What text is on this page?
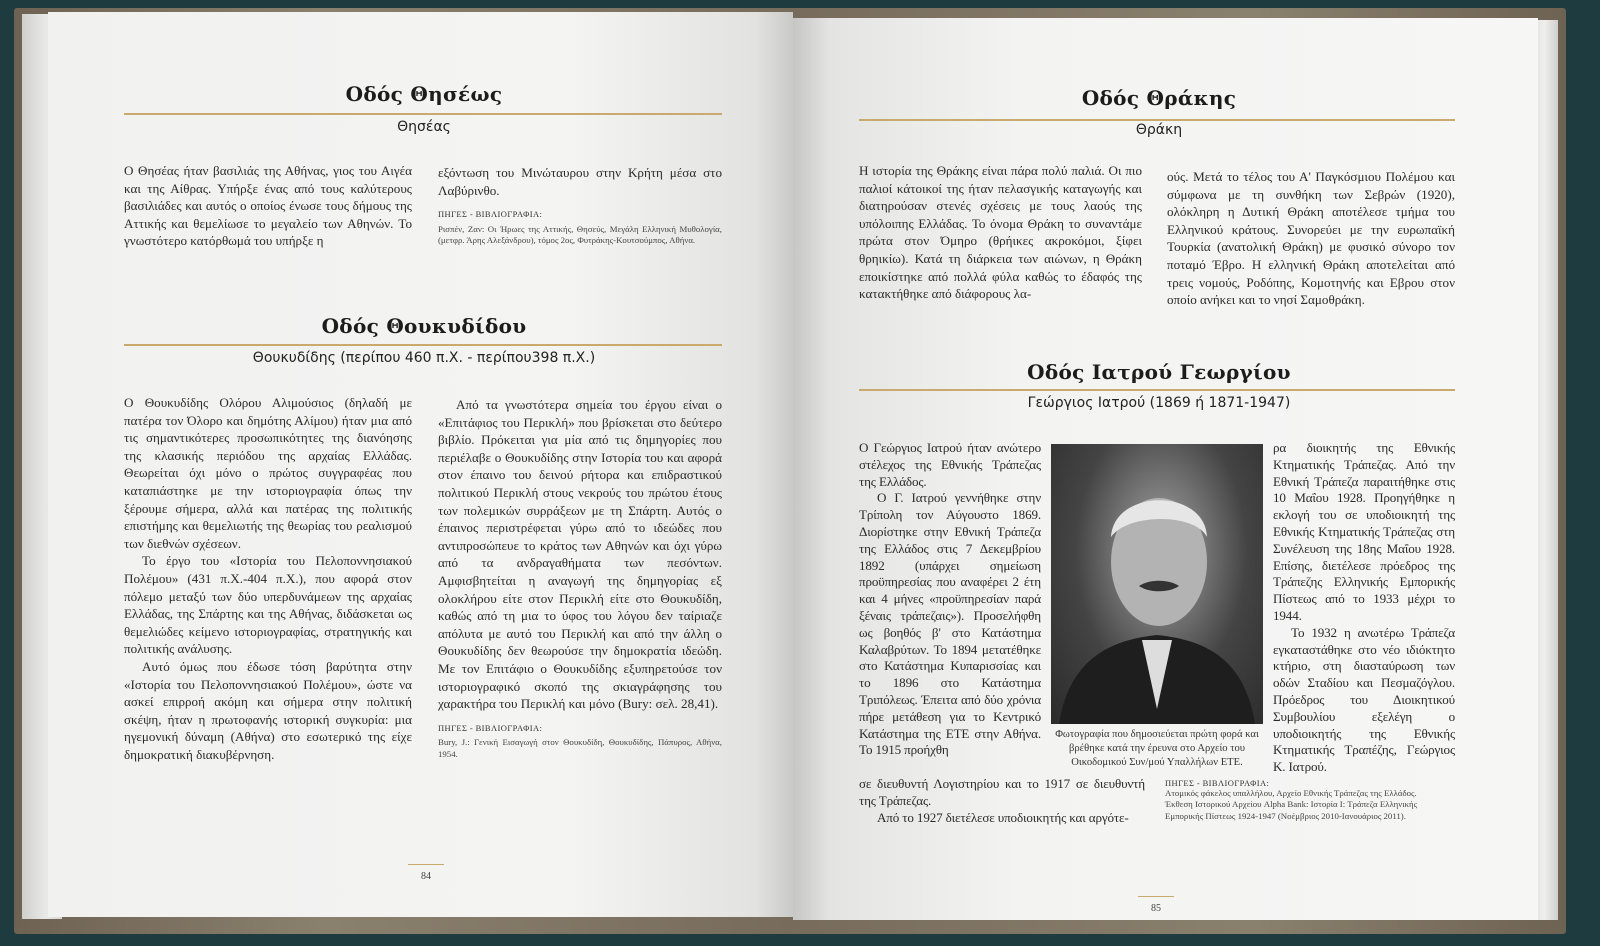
Οδός Θησέως
Θησέας

Ο Θησέας ήταν βασιλιάς της Αθήνας, γιος του Αιγέα και της Αίθρας. Υπήρξε ένας από τους καλύτερους βασιλιάδες και αυτός ο οποίος ένωσε τους δήμους της Αττικής και θεμελίωσε το μεγαλείο των Αθηνών. Το γνωστότερο κατόρθωμά του υπήρξε η

εξόντωση του Μινώταυρου στην Κρήτη μέσα στο Λαβύρινθο.

ΠΗΓΕΣ - ΒΙΒΛΙΟΓΡΑΦΙΑ:
Ρισπέν, Ζαν: Οι Ήρωες της Αττικής, Θησεύς, Μεγάλη Ελληνική Μυθολογία, (μετφρ. Άρης Αλεξάνδρου), τόμος 2ος, Φυτράκης-Κουτσούμπος, Αθήνα.
Οδός Θουκυδίδου
Θουκυδίδης (περίπου 460 π.Χ. - περίπου398 π.Χ.)

Ο Θουκυδίδης Ολόρου Αλιμούσιος (δηλαδή με πατέρα τον Όλορο και δημότης Αλίμου) ήταν μια από τις σημαντικότερες προσωπικότητες της διανόησης της κλασικής περιόδου της αρχαίας Ελλάδας. Θεωρείται όχι μόνο ο πρώτος συγγραφέας που καταπιάστηκε με την ιστοριογραφία όπως την ξέρουμε σήμερα, αλλά και πατέρας της πολιτικής επιστήμης και θεμελιωτής της θεωρίας του ρεαλισμού των διεθνών σχέσεων.

Το έργο του «Ιστορία του Πελοποννησιακού Πολέμου» (431 π.Χ.-404 π.Χ.), που αφορά στον πόλεμο μεταξύ των δύο υπερδυνάμεων της αρχαίας Ελλάδας, της Σπάρτης και της Αθήνας, διδάσκεται ως θεμελιώδες κείμενο ιστοριογραφίας, στρατηγικής και πολιτικής ανάλυσης.

Αυτό όμως που έδωσε τόση βαρύτητα στην «Ιστορία του Πελοποννησιακού Πολέμου», ώστε να ασκεί επιρροή ακόμη και σήμερα στην πολιτική σκέψη, ήταν η πρωτοφανής ιστορική συγκυρία: μια ηγεμονική δύναμη (Αθήνα) στο εσωτερικό της είχε δημοκρατική διακυβέρνηση.

Από τα γνωστότερα σημεία του έργου είναι ο «Επιτάφιος του Περικλή» που βρίσκεται στο δεύτερο βιβλίο. Πρόκειται για μία από τις δημηγορίες που περιέλαβε ο Θουκυδίδης στην Ιστορία του και αφορά στον έπαινο του δεινού ρήτορα και επιδραστικού πολιτικού Περικλή στους νεκρούς του πρώτου έτους των πολεμικών συρράξεων με τη Σπάρτη. Αυτός ο έπαινος περιστρέφεται γύρω από το ιδεώδες που αντιπροσώπευε το κράτος των Αθηνών και όχι γύρω από τα ανδραγαθήματα των πεσόντων. Αμφισβητείται η αναγωγή της δημηγορίας εξ ολοκλήρου είτε στον Περικλή είτε στο Θουκυδίδη, καθώς από τη μια το ύφος του λόγου δεν ταίριαζε απόλυτα με αυτό του Περικλή και από την άλλη ο Θουκυδίδης δεν θεωρούσε την δημοκρατία ιδεώδη. Με τον Επιτάφιο ο Θουκυδίδης εξυπηρετούσε τον ιστοριογραφικό σκοπό της σκιαγράφησης του χαρακτήρα του Περικλή και μόνο (Bury: σελ. 28,41).

ΠΗΓΕΣ - ΒΙΒΛΙΟΓΡΑΦΙΑ:
Bury, J.: Γενική Εισαγωγή στον Θουκυδίδη, Θουκυδίδης, Πάπυρος, Αθήνα, 1954.
84
Οδός Θράκης
Θράκη

Η ιστορία της Θράκης είναι πάρα πολύ παλιά. Οι πιο παλιοί κάτοικοί της ήταν πελασγικής καταγωγής και διατηρούσαν στενές σχέσεις με τους λαούς της υπόλοιπης Ελλάδας. Το όνομα Θράκη το συναντάμε πρώτα στον Όμηρο (θρήικες ακροκόμοι, ξίφει θρηικίω). Κατά τη διάρκεια των αιώνων, η Θράκη εποικίστηκε από πολλά φύλα καθώς το έδαφός της κατακτήθηκε από διάφορους λα-

ούς. Μετά το τέλος του Α' Παγκόσμιου Πολέμου και σύμφωνα με τη συνθήκη των Σεβρών (1920), ολόκληρη η Δυτική Θράκη αποτέλεσε τμήμα του Ελληνικού κράτους. Συνορεύει με την ευρωπαϊκή Τουρκία (ανατολική Θράκη) με φυσικό σύνορο τον ποταμό Έβρο. Η ελληνική Θράκη αποτελείται από τρεις νομούς, Ροδόπης, Κομοτηνής και Εβρου στον οποίο ανήκει και το νησί Σαμοθράκη.

Οδός Ιατρού Γεωργίου
Γεώργιος Ιατρού (1869 ή 1871-1947)

Ο Γεώργιος Ιατρού ήταν ανώτερο στέλεχος της Εθνικής Τράπεζας της Ελλάδος.

Ο Γ. Ιατρού γεννήθηκε στην Τρίπολη τον Αύγουστο 1869. Διορίστηκε στην Εθνική Τράπεζα της Ελλάδος στις 7 Δεκεμβρίου 1892 (υπάρχει σημείωση προϋπηρεσίας που αναφέρει 2 έτη και 4 μήνες «προϋπηρεσίαν παρά ξέναις τράπεζαις»). Προσελήφθη ως βοηθός β' στο Κατάστημα Καλαβρύτων. Το 1894 μετατέθηκε στο Κατάστημα Κυπαρισσίας και το 1896 στο Κατάστημα Τριπόλεως. Έπειτα από δύο χρόνια πήρε μετάθεση για το Κεντρικό Κατάστημα της ΕΤΕ στην Αθήνα. Το 1915 προήχθη

Φωτογραφία που δημοσιεύεται πρώτη φορά και βρέθηκε κατά την έρευνα στο Αρχείο του Οικοδομικού Συν/μού Υπαλλήλων ΕΤΕ.

ρα διοικητής της Εθνικής Κτηματικής Τράπεζας. Από την Εθνική Τράπεζα παραιτήθηκε στις 10 Μαΐου 1928. Προηγήθηκε η εκλογή του σε υποδιοικητή της Εθνικής Κτηματικής Τράπεζας στη Συνέλευση της 18ης Μαΐου 1928. Επίσης, διετέλεσε πρόεδρος της Τράπεζης Ελληνικής Εμπορικής Πίστεως από το 1933 μέχρι το 1944.

Το 1932 η ανωτέρω Τράπεζα εγκαταστάθηκε στο νέο ιδιόκτητο κτήριο, στη διασταύρωση των οδών Σταδίου και Πεσμαζόγλου. Πρόεδρος του Διοικητικού Συμβουλίου εξελέγη ο υποδιοικητής της Εθνικής Κτηματικής Τραπέζης, Γεώργιος Κ. Ιατρού.

σε διευθυντή Λογιστηρίου και το 1917 σε διευθυντή της Τράπεζας.

Από το 1927 διετέλεσε υποδιοικητής και αργότε-

ΠΗΓΕΣ - ΒΙΒΛΙΟΓΡΑΦΙΑ:
Ατομικός φάκελος υπαλλήλου, Αρχείο Εθνικής Τράπεζας της Ελλάδος.
Έκθεση Ιστορικού Αρχείου Alpha Bank: Ιστορία Ι: Τράπεζα Ελληνικής Εμπορικής Πίστεως 1924-1947 (Νοέμβριος 2010-Ιανουάριος 2011).
85
